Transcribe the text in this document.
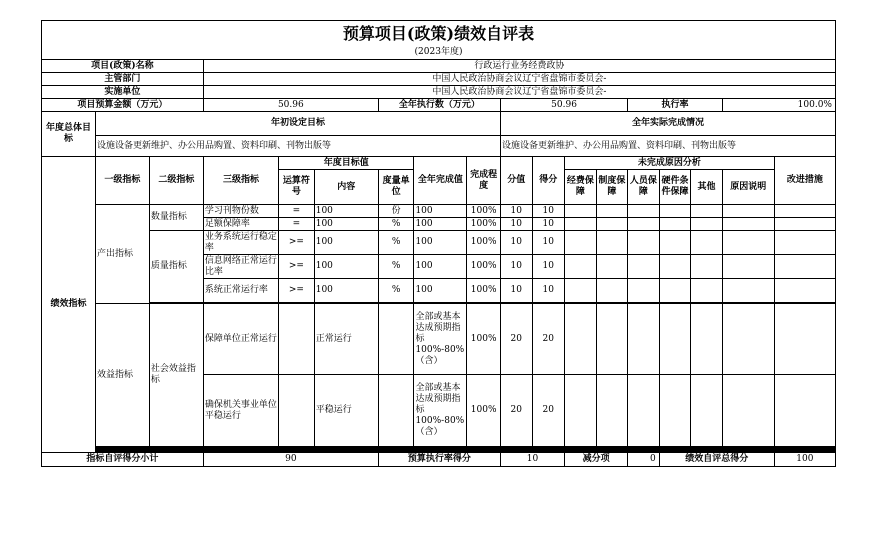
预算项目(政策)绩效自评表																	
(2023年度)																	
项目(政策)名称			行政运行业务经费政协														
主管部门			中国人民政治协商会议辽宁省盘锦市委员会-														
实施单位			中国人民政治协商会议辽宁省盘锦市委员会-														
项目预算金额（万元）			50.96			全年执行数（万元）			50.96				执行率			100.0%	
年度总体目标	年初设定目标								全年实际完成情况								
	设施设备更新维护、办公用品购置、资料印刷、刊物出版等								设施设备更新维护、办公用品购置、资料印刷、刊物出版等								
绩效指标	一级指标	二级指标	三级指标	年度目标值			全年完成值	完成程度	分值	得分	未完成原因分析						改进措施
				运算符号	内容	度量单位					经费保障	制度保障	人员保障	硬件条件保障	其他	原因说明	
	产出指标	数量指标	学习刊物份数	=	100	份	100	100%	10	10							
			足额保障率	=	100	%	100	100%	10	10							
		质量指标	业务系统运行稳定率	>=	100	%	100	100%	10	10							
			信息网络正常运行比率	>=	100	%	100	100%	10	10							
			系统正常运行率	>=	100	%	100	100%	10	10							

	效益指标	社会效益指标	保障单位正常运行		正常运行		全部或基本达成预期指标100%-80%（含）	100%	20	20							
			确保机关事业单位平稳运行		平稳运行		全部或基本达成预期指标100%-80%（含）	100%	20	20							

指标自评得分小计			90			预算执行率得分			10		减分项		0	绩效自评总得分			100
